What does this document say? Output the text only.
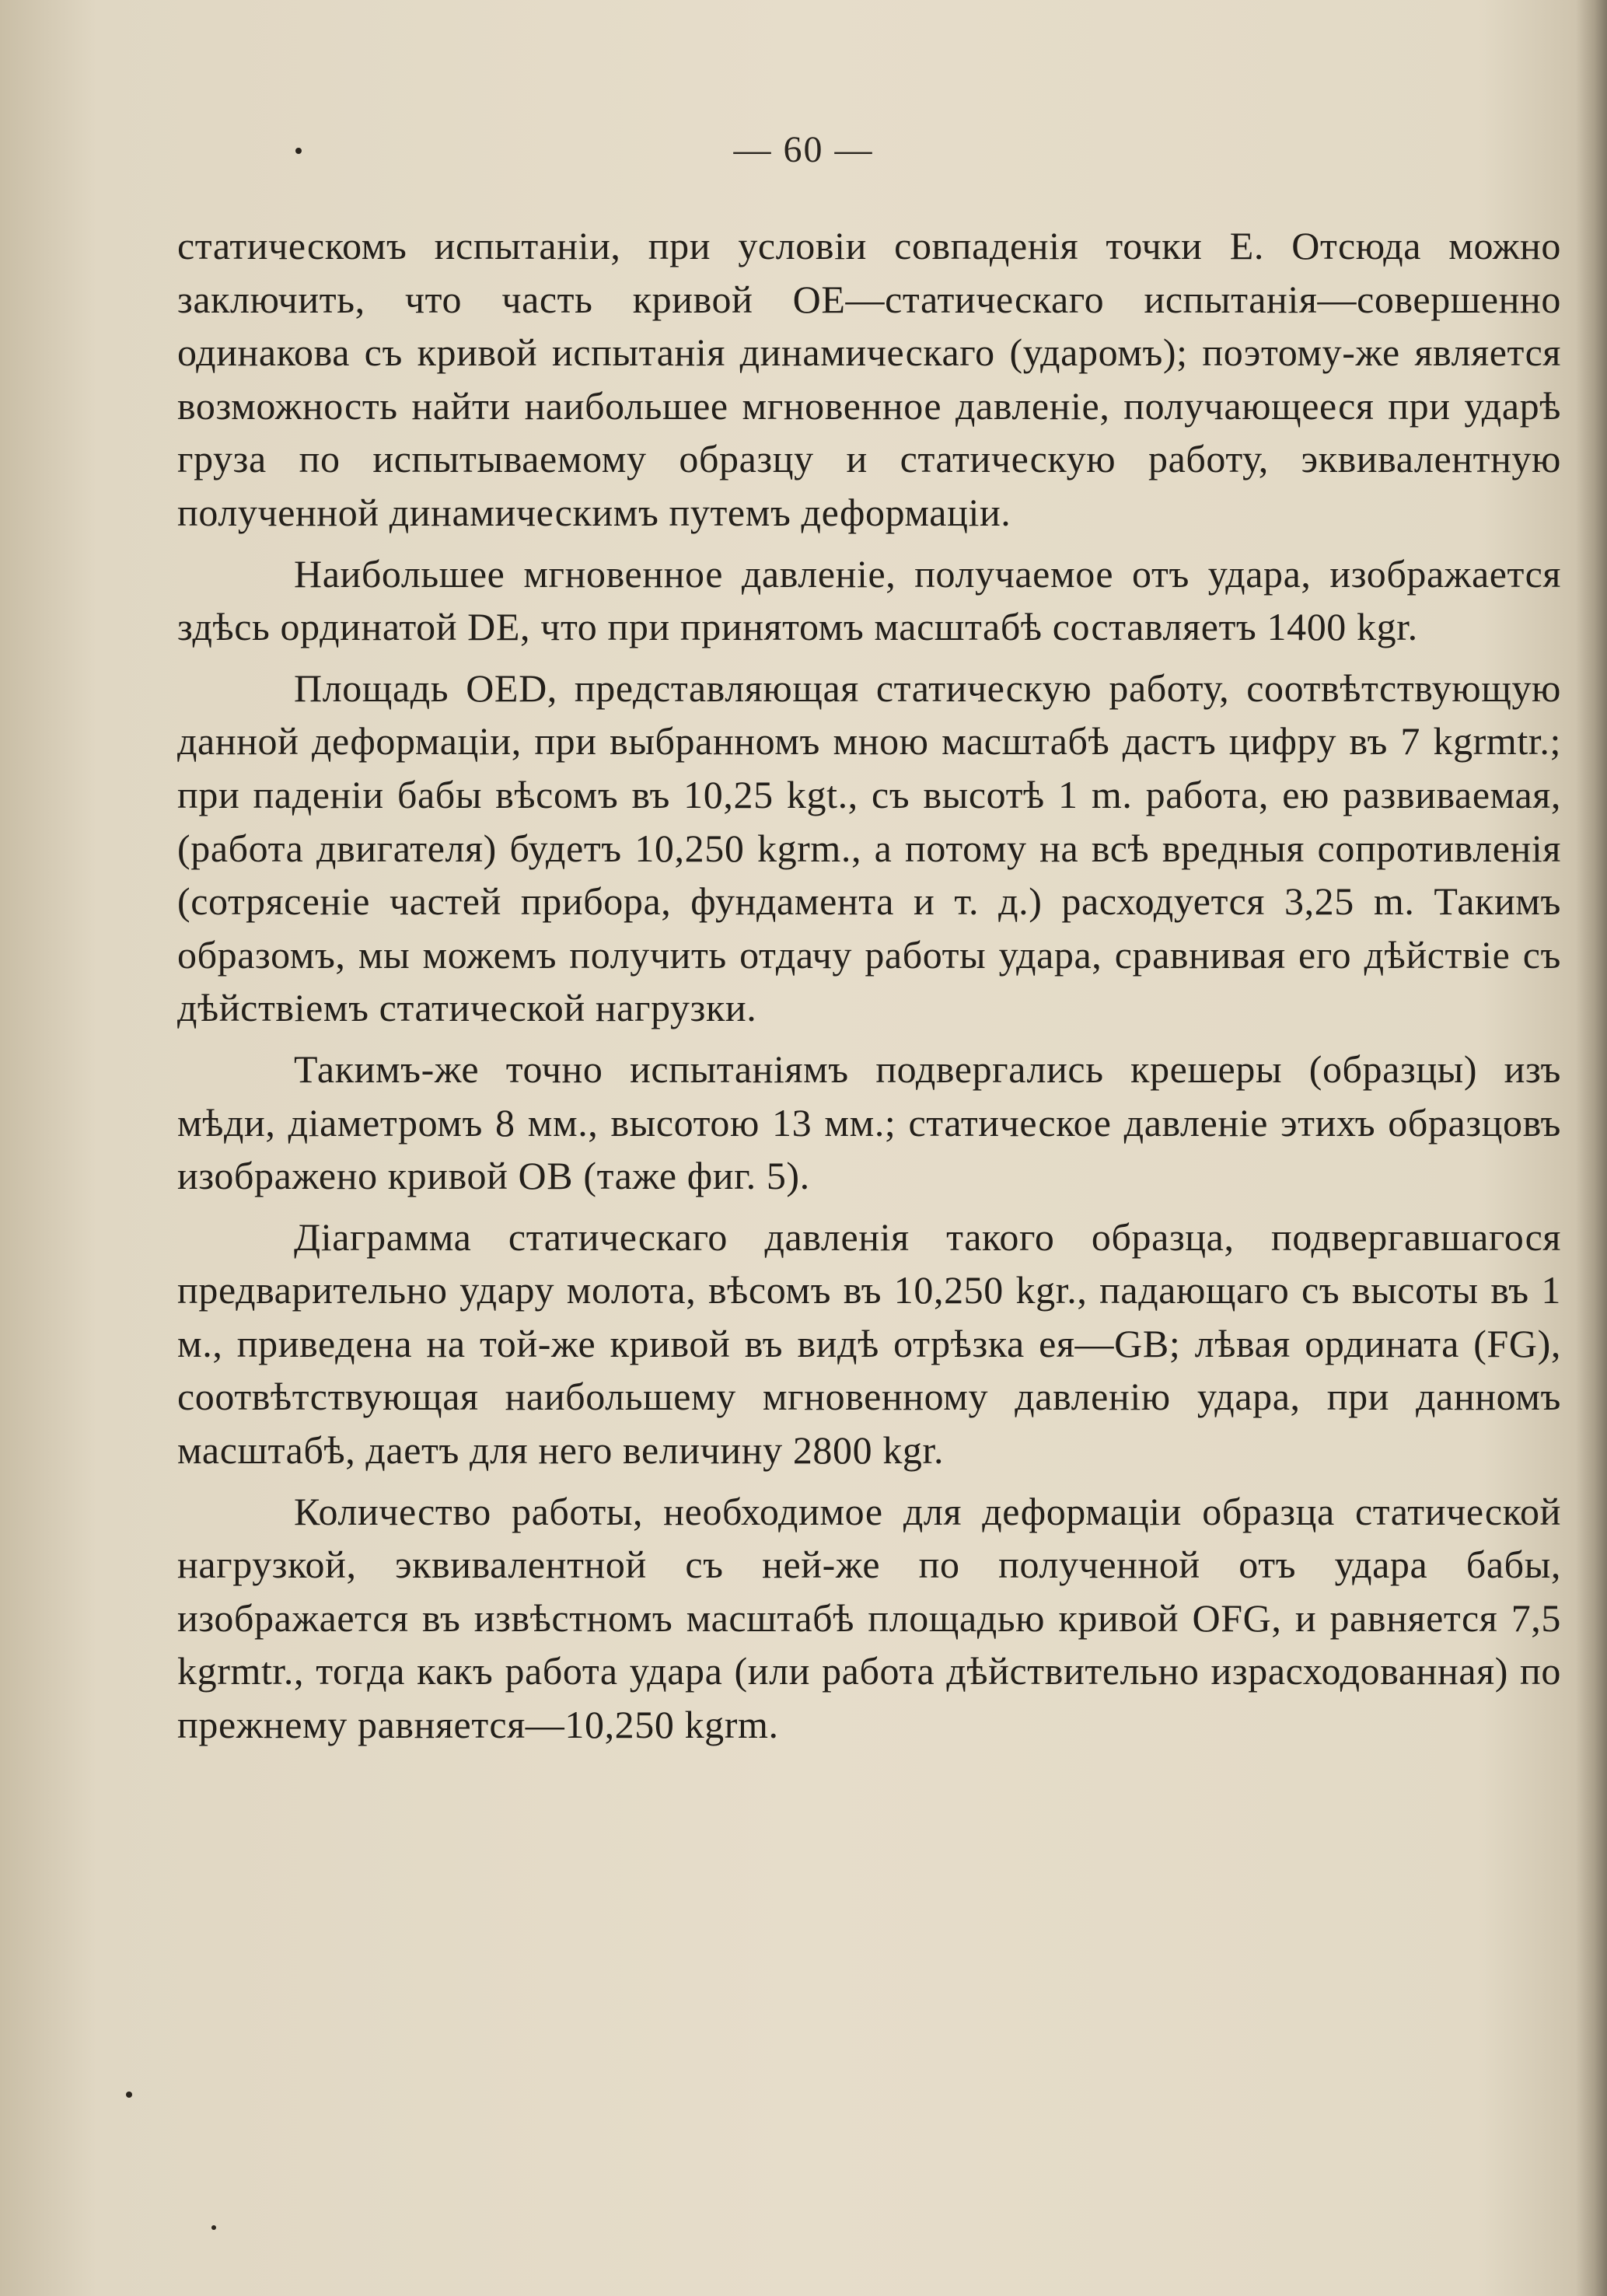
— 60 —

статическомъ испытаніи, при условіи совпаденія точки E. Отсюда можно заключить, что часть кривой ОЕ—статическаго испытанія—совершенно одинакова съ кривой испытанія динамическаго (ударомъ); поэтому-же является возможность найти наибольшее мгновенное давленіе, получающееся при ударѣ груза по испытываемому образцу и статическую работу, эквивалентную полученной динамическимъ путемъ деформаціи.

Наибольшее мгновенное давленіе, получаемое отъ удара, изображается здѣсь ординатой DE, что при принятомъ масштабѣ составляетъ 1400 kgr.

Площадь OED, представляющая статическую работу, соотвѣтствующую данной деформаціи, при выбранномъ мною масштабѣ дастъ цифру въ 7 kgrmtr.; при паденіи бабы вѣсомъ въ 10,25 kgt., съ высотѣ 1 m. работа, ею развиваемая, (работа двигателя) будетъ 10,250 kgrm., а потому на всѣ вредныя сопротивленія (сотрясеніе частей прибора, фундамента и т. д.) расходуется 3,25 m. Такимъ образомъ, мы можемъ получить отдачу работы удара, сравнивая его дѣйствіе съ дѣйствіемъ статической нагрузки.

Такимъ-же точно испытаніямъ подвергались крешеры (образцы) изъ мѣди, діаметромъ 8 мм., высотою 13 мм.; статическое давленіе этихъ образцовъ изображено кривой ОВ (таже фиг. 5).

Діаграмма статическаго давленія такого образца, подвергавшагося предварительно удару молота, вѣсомъ въ 10,250 kgr., падающаго съ высоты въ 1 м., приведена на той-же кривой въ видѣ отрѣзка ея—GB; лѣвая ордината (FG), соотвѣтствующая наибольшему мгновенному давленію удара, при данномъ масштабѣ, даетъ для него величину 2800 kgr.

Количество работы, необходимое для деформаціи образца статической нагрузкой, эквивалентной съ ней-же по полученной отъ удара бабы, изображается въ извѣстномъ масштабѣ площадью кривой OFG, и равняется 7,5 kgrmtr., тогда какъ работа удара (или работа дѣйствительно израсходованная) по прежнему равняется—10,250 kgrm.
